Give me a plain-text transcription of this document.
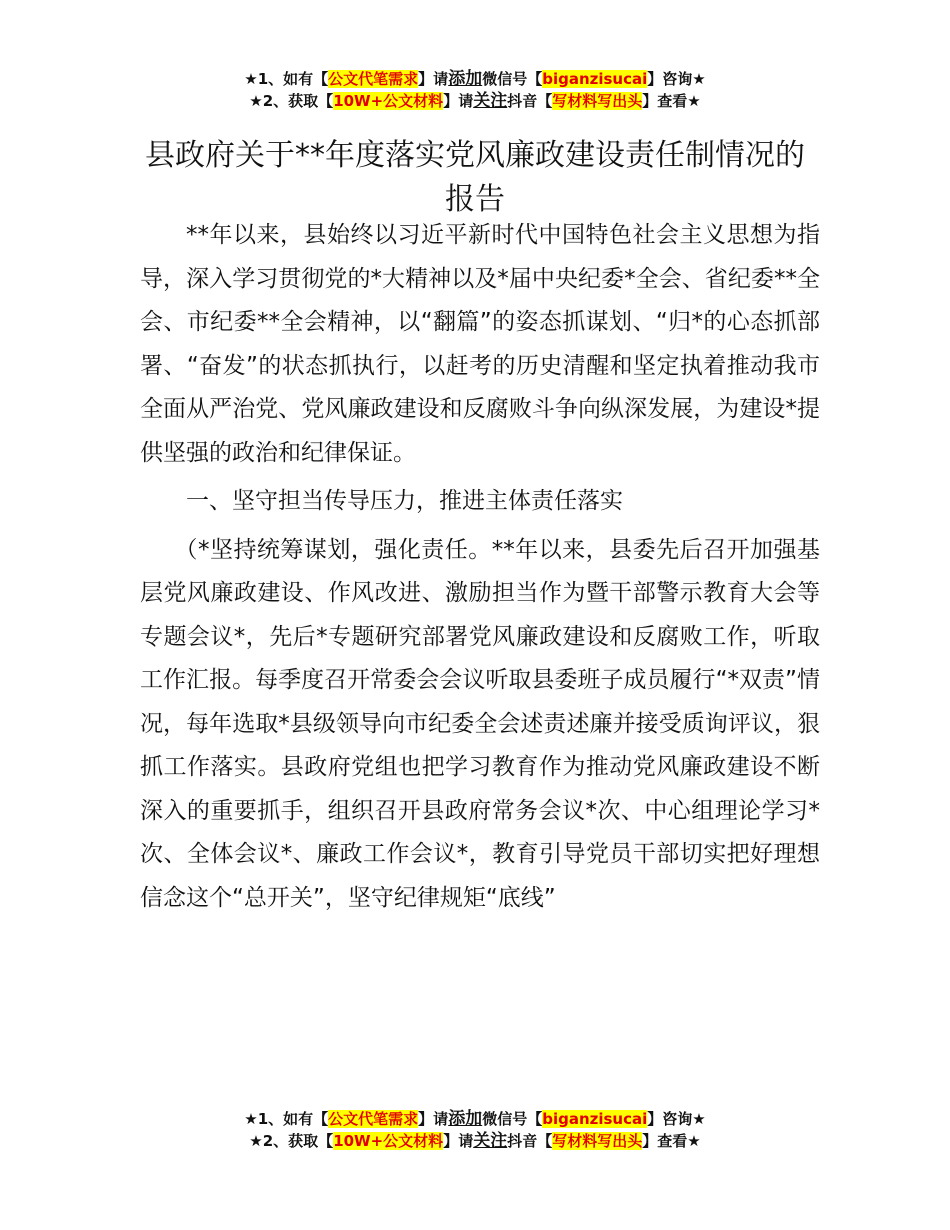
★1、如有【公文代笔需求】请添加微信号【biganzisucai】咨询★
★2、获取【10W+公文材料】请关注抖音【写材料写出头】查看★
县政府关于**年度落实党风廉政建设责任制情况的报告

**年以来，县始终以习近平新时代中国特色社会主义思想为指导，深入学习贯彻党的*大精神以及*届中央纪委*全会、省纪委**全会、市纪委**全会精神，以“翻篇”的姿态抓谋划、“归*的心态抓部署、“奋发”的状态抓执行，以赶考的历史清醒和坚定执着推动我市全面从严治党、党风廉政建设和反腐败斗争向纵深发展，为建设*提供坚强的政治和纪律保证。

一、坚守担当传导压力，推进主体责任落实

（*坚持统筹谋划，强化责任。**年以来，县委先后召开加强基层党风廉政建设、作风改进、激励担当作为暨干部警示教育大会等专题会议*，先后*专题研究部署党风廉政建设和反腐败工作，听取工作汇报。每季度召开常委会会议听取县委班子成员履行“*双责”情况，每年选取*县级领导向市纪委全会述责述廉并接受质询评议，狠抓工作落实。县政府党组也把学习教育作为推动党风廉政建设不断深入的重要抓手，组织召开县政府常务会议*次、中心组理论学习*次、全体会议*、廉政工作会议*，教育引导党员干部切实把好理想信念这个“总开关”，坚守纪律规矩“底线”

★1、如有【公文代笔需求】请添加微信号【biganzisucai】咨询★
★2、获取【10W+公文材料】请关注抖音【写材料写出头】查看★
